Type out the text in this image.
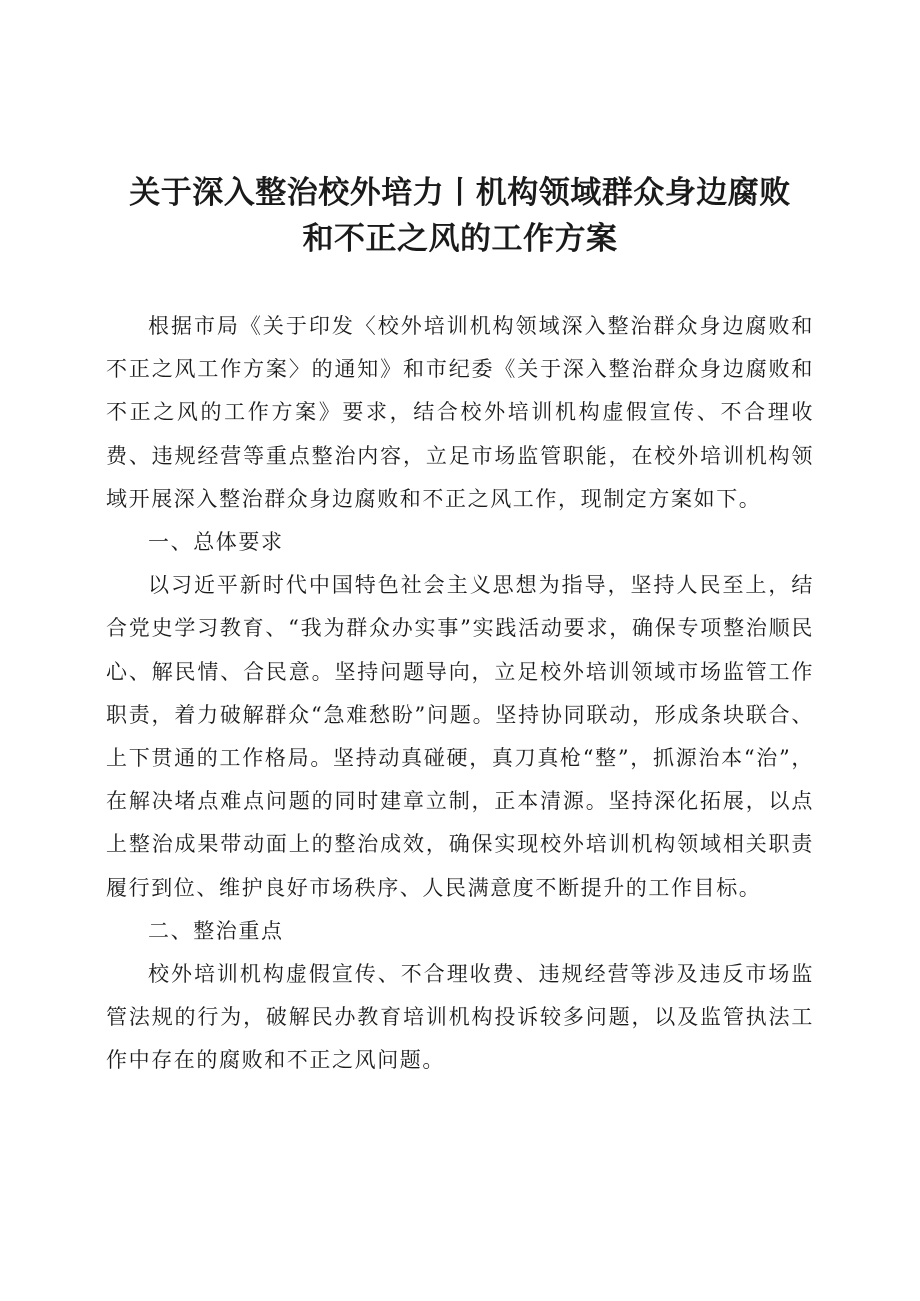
关于深入整治校外培力丨机构领域群众身边腐败
和不正之风的工作方案

根据市局《关于印发〈校外培训机构领域深入整治群众身边腐败和不正之风工作方案〉的通知》和市纪委《关于深入整治群众身边腐败和不正之风的工作方案》要求，结合校外培训机构虚假宣传、不合理收费、违规经营等重点整治内容，立足市场监管职能，在校外培训机构领域开展深入整治群众身边腐败和不正之风工作，现制定方案如下。

一、总体要求

以习近平新时代中国特色社会主义思想为指导，坚持人民至上，结合党史学习教育、“我为群众办实事”实践活动要求，确保专项整治顺民心、解民情、合民意。坚持问题导向，立足校外培训领域市场监管工作职责，着力破解群众“急难愁盼”问题。坚持协同联动，形成条块联合、上下贯通的工作格局。坚持动真碰硬，真刀真枪“整”，抓源治本“治”，在解决堵点难点问题的同时建章立制，正本清源。坚持深化拓展，以点上整治成果带动面上的整治成效，确保实现校外培训机构领域相关职责履行到位、维护良好市场秩序、人民满意度不断提升的工作目标。

二、整治重点

校外培训机构虚假宣传、不合理收费、违规经营等涉及违反市场监管法规的行为，破解民办教育培训机构投诉较多问题，以及监管执法工作中存在的腐败和不正之风问题。
